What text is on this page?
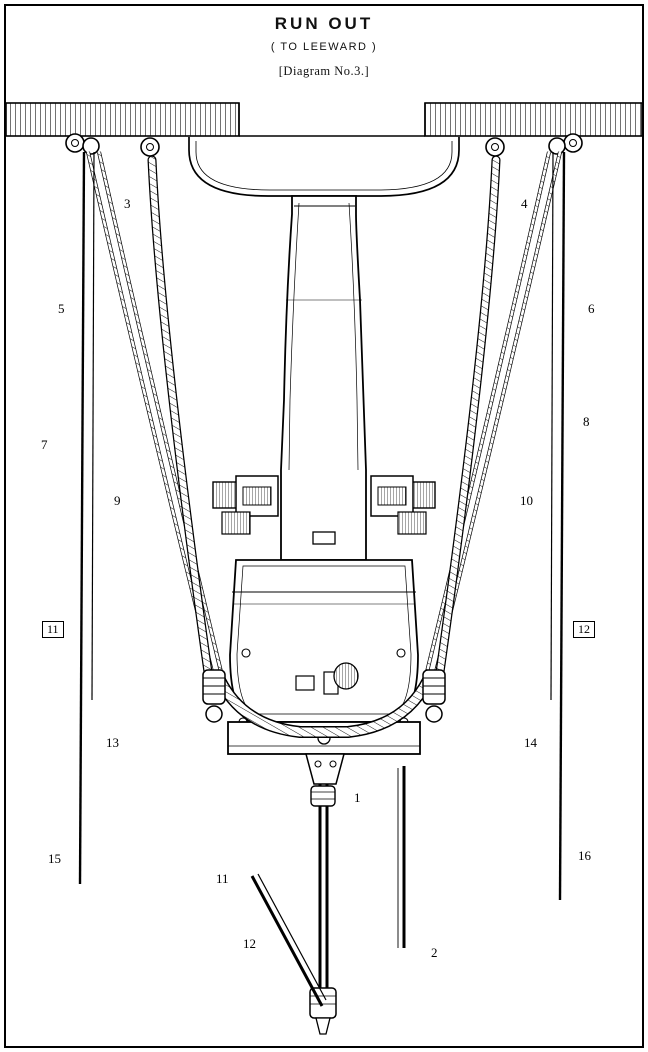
RUN OUT
( TO LEEWARD )
[Diagram No.3.]
3	4
5	6
7
8
9	10
11	12
13	14
15	16
1
2
11
12
